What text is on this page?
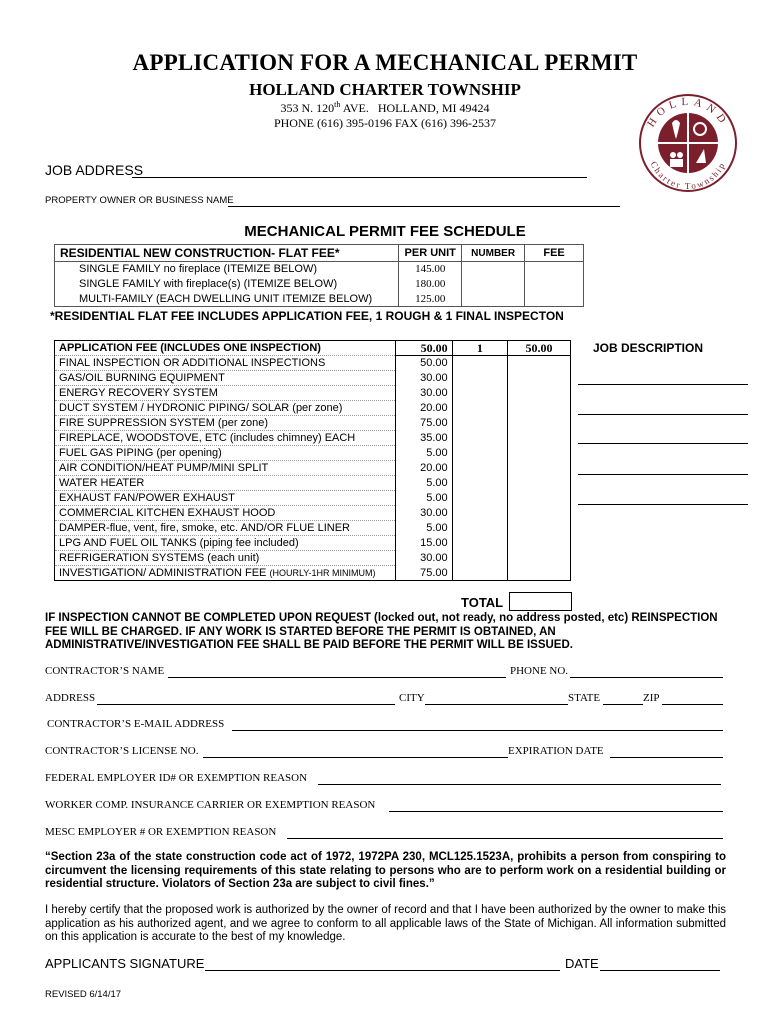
APPLICATION FOR A MECHANICAL PERMIT
HOLLAND CHARTER TOWNSHIP
353 N. 120th AVE.   HOLLAND, MI 49424
PHONE (616) 395-0196 FAX (616) 396-2537	HOLLAND
Charter Township
JOB ADDRESS
PROPERTY OWNER OR BUSINESS NAME
MECHANICAL PERMIT FEE SCHEDULE
RESIDENTIAL NEW CONSTRUCTION- FLAT FEE*	PER UNIT	NUMBER	FEE
SINGLE FAMILY no fireplace (ITEMIZE BELOW)	145.00		
SINGLE FAMILY with fireplace(s) (ITEMIZE BELOW)	180.00		
MULTI-FAMILY (EACH DWELLING UNIT ITEMIZE BELOW)	125.00		
*RESIDENTIAL FLAT FEE INCLUDES APPLICATION FEE, 1 ROUGH & 1 FINAL INSPECTON
APPLICATION FEE (INCLUDES ONE INSPECTION)	50.00	1	50.00
FINAL INSPECTION OR ADDITIONAL INSPECTIONS	50.00		
GAS/OIL BURNING EQUIPMENT	30.00		
ENERGY RECOVERY SYSTEM	30.00		
DUCT SYSTEM / HYDRONIC PIPING/ SOLAR (per zone)	20.00		
FIRE SUPPRESSION SYSTEM (per zone)	75.00		
FIREPLACE, WOODSTOVE, ETC (includes chimney) EACH	35.00		
FUEL GAS PIPING (per opening)	5.00		
AIR CONDITION/HEAT PUMP/MINI SPLIT	20.00		
WATER HEATER	5.00		
EXHAUST FAN/POWER EXHAUST	5.00		
COMMERCIAL KITCHEN EXHAUST HOOD	30.00		
DAMPER-flue, vent, fire, smoke, etc. AND/OR FLUE LINER	5.00		
LPG AND FUEL OIL TANKS (piping fee included)	15.00		
REFRIGERATION SYSTEMS (each unit)	30.00		
INVESTIGATION/ ADMINISTRATION FEE (HOURLY-1HR MINIMUM)	75.00		
TOTAL
JOB DESCRIPTION
IF INSPECTION CANNOT BE COMPLETED UPON REQUEST (locked out, not ready, no address posted, etc) REINSPECTION FEE WILL BE CHARGED. IF ANY WORK IS STARTED BEFORE THE PERMIT IS OBTAINED, AN ADMINISTRATIVE/INVESTIGATION FEE SHALL BE PAID BEFORE THE PERMIT WILL BE ISSUED.
CONTRACTOR’S NAME	PHONE NO.
ADDRESS	CITY	STATE	ZIP
CONTRACTOR’S E-MAIL ADDRESS
CONTRACTOR’S LICENSE NO.	EXPIRATION DATE
FEDERAL EMPLOYER ID# OR EXEMPTION REASON
WORKER COMP. INSURANCE CARRIER OR EXEMPTION REASON
MESC EMPLOYER # OR EXEMPTION REASON
“Section 23a of the state construction code act of 1972, 1972PA 230, MCL125.1523A, prohibits a person from conspiring to circumvent the licensing requirements of this state relating to persons who are to perform work on a residential building or residential structure. Violators of Section 23a are subject to civil fines.”
I hereby certify that the proposed work is authorized by the owner of record and that I have been authorized by the owner to make this application as his authorized agent, and we agree to conform to all applicable laws of the State of Michigan. All information submitted on this application is accurate to the best of my knowledge.
APPLICANTS SIGNATURE	DATE
REVISED 6/14/17
